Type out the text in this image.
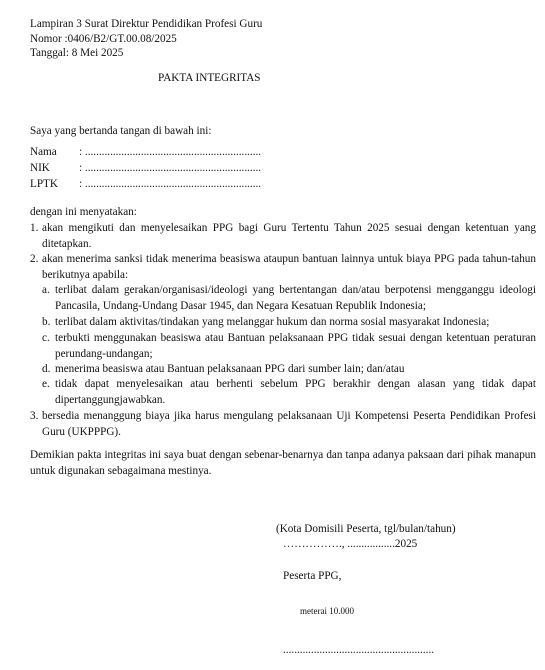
Lampiran 3 Surat Direktur Pendidikan Profesi Guru
Nomor :0406/B2/GT.00.08/2025
Tanggal: 8 Mei 2025
PAKTA INTEGRITAS
Saya yang bertanda tangan di bawah ini:
Nama : ...............................................................
NIK	: ...............................................................
LPTK : ...............................................................
dengan ini menyatakan:
1. akan mengikuti dan menyelesaikan PPG bagi Guru Tertentu Tahun 2025 sesuai dengan ketentuan yang ditetapkan.
2. akan menerima sanksi tidak menerima beasiswa ataupun bantuan lainnya untuk biaya PPG pada tahun-tahun berikutnya apabila:
a. terlibat dalam gerakan/organisasi/ideologi yang bertentangan dan/atau berpotensi mengganggu ideologi Pancasila, Undang-Undang Dasar 1945, dan Negara Kesatuan Republik Indonesia;
b. terlibat dalam aktivitas/tindakan yang melanggar hukum dan norma sosial masyarakat Indonesia;
c. terbukti menggunakan beasiswa atau Bantuan pelaksanaan PPG tidak sesuai dengan ketentuan peraturan perundang-undangan;
d. menerima beasiswa atau Bantuan pelaksanaan PPG dari sumber lain; dan/atau
e. tidak dapat menyelesaikan atau berhenti sebelum PPG berakhir dengan alasan yang tidak dapat dipertanggungjawabkan.
3. bersedia menanggung biaya jika harus mengulang pelaksanaan Uji Kompetensi Peserta Pendidikan Profesi Guru (UKPPPG).
Demikian pakta integritas ini saya buat dengan sebenar-benarnya dan tanpa adanya paksaan dari pihak manapun untuk digunakan sebagaimana mestinya.
(Kota Domisili Peserta, tgl/bulan/tahun)
……………., .................2025
Peserta PPG,
meterai 10.000
......................................................
